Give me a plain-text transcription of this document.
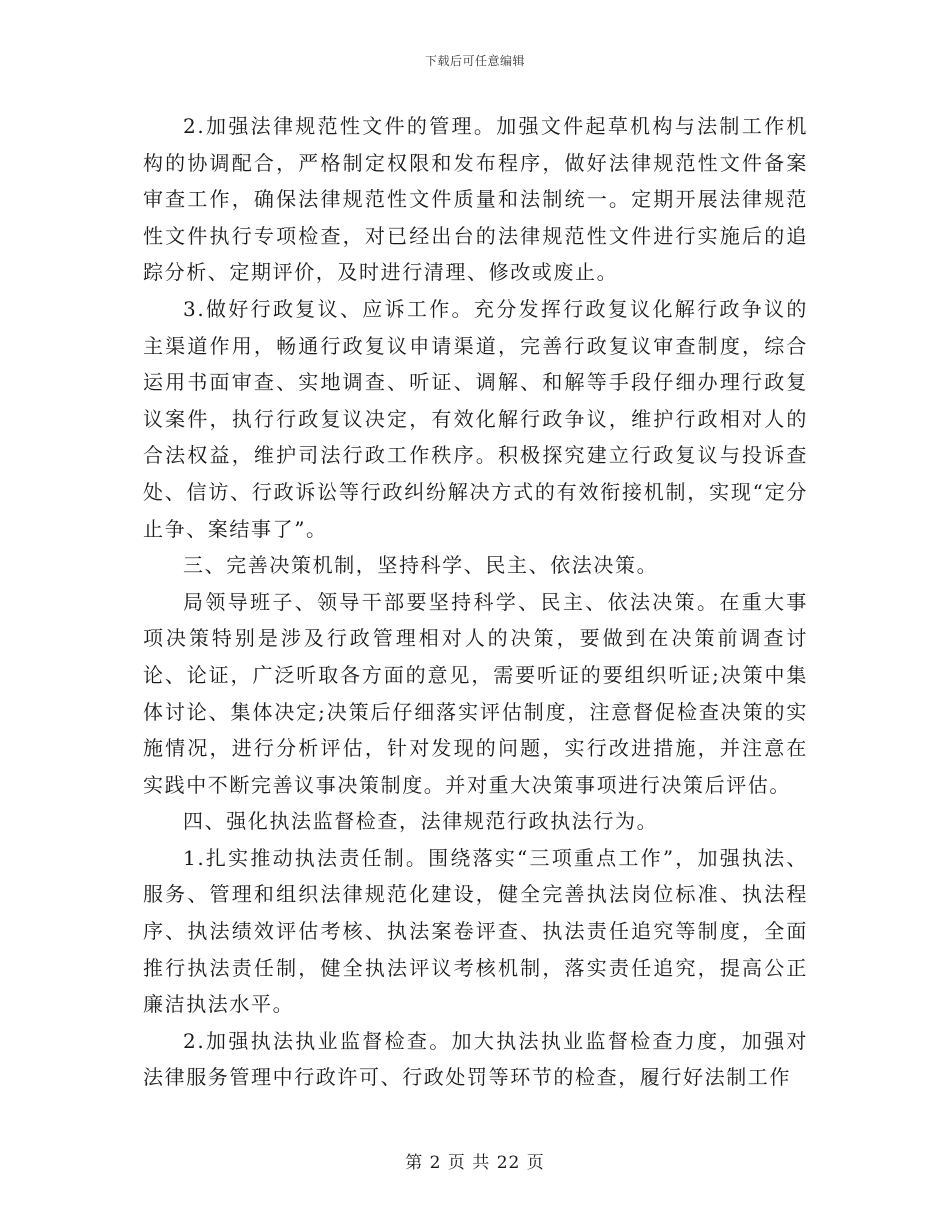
下载后可任意编辑

2.加强法律规范性文件的管理。加强文件起草机构与法制工作机构的协调配合，严格制定权限和发布程序，做好法律规范性文件备案审查工作，确保法律规范性文件质量和法制统一。定期开展法律规范性文件执行专项检查，对已经出台的法律规范性文件进行实施后的追踪分析、定期评价，及时进行清理、修改或废止。

3.做好行政复议、应诉工作。充分发挥行政复议化解行政争议的主渠道作用，畅通行政复议申请渠道，完善行政复议审查制度，综合运用书面审查、实地调查、听证、调解、和解等手段仔细办理行政复议案件，执行行政复议决定，有效化解行政争议，维护行政相对人的合法权益，维护司法行政工作秩序。积极探究建立行政复议与投诉查处、信访、行政诉讼等行政纠纷解决方式的有效衔接机制，实现“定分止争、案结事了”。

三、完善决策机制，坚持科学、民主、依法决策。

局领导班子、领导干部要坚持科学、民主、依法决策。在重大事项决策特别是涉及行政管理相对人的决策，要做到在决策前调查讨论、论证，广泛听取各方面的意见，需要听证的要组织听证;决策中集体讨论、集体决定;决策后仔细落实评估制度，注意督促检查决策的实施情况，进行分析评估，针对发现的问题，实行改进措施，并注意在实践中不断完善议事决策制度。并对重大决策事项进行决策后评估。

四、强化执法监督检查，法律规范行政执法行为。

1.扎实推动执法责任制。围绕落实“三项重点工作”，加强执法、服务、管理和组织法律规范化建设，健全完善执法岗位标准、执法程序、执法绩效评估考核、执法案卷评查、执法责任追究等制度，全面推行执法责任制，健全执法评议考核机制，落实责任追究，提高公正廉洁执法水平。

2.加强执法执业监督检查。加大执法执业监督检查力度，加强对法律服务管理中行政许可、行政处罚等环节的检查，履行好法制工作

第 2 页 共 22 页
